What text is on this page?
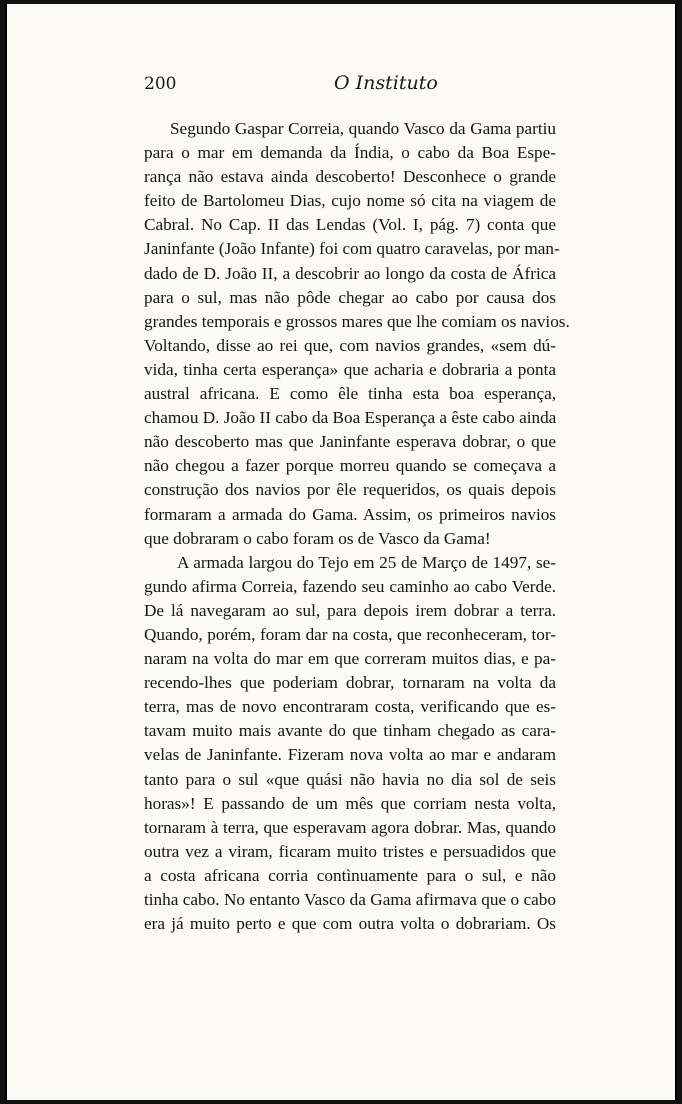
200	O Instituto
Segundo Gaspar Correia, quando Vasco da Gama partiu
para o mar em demanda da Índia, o cabo da Boa Espe-
rança não estava ainda descoberto! Desconhece o grande
feito de Bartolomeu Dias, cujo nome só cita na viagem de
Cabral. No Cap. II das Lendas (Vol. I, pág. 7) conta que
Janinfante (João Infante) foi com quatro caravelas, por man-
dado de D. João II, a descobrir ao longo da costa de África
para o sul, mas não pôde chegar ao cabo por causa dos
grandes temporais e grossos mares que lhe comiam os navios.
Voltando, disse ao rei que, com navios grandes, «sem dú-
vida, tinha certa esperança» que acharia e dobraria a ponta
austral africana. E como êle tinha esta boa esperança,
chamou D. João II cabo da Boa Esperança a êste cabo ainda
não descoberto mas que Janinfante esperava dobrar, o que
não chegou a fazer porque morreu quando se começava a
construção dos navios por êle requeridos, os quais depois
formaram a armada do Gama. Assim, os primeiros navios
que dobraram o cabo foram os de Vasco da Gama!
A armada largou do Tejo em 25 de Março de 1497, se-
gundo afirma Correia, fazendo seu caminho ao cabo Verde.
De lá navegaram ao sul, para depois irem dobrar a terra.
Quando, porém, foram dar na costa, que reconheceram, tor-
naram na volta do mar em que correram muitos dias, e pa-
recendo-lhes que poderiam dobrar, tornaram na volta da
terra, mas de novo encontraram costa, verificando que es-
tavam muito mais avante do que tinham chegado as cara-
velas de Janinfante. Fizeram nova volta ao mar e andaram
tanto para o sul «que quási não havia no dia sol de seis
horas»! E passando de um mês que corriam nesta volta,
tornaram à terra, que esperavam agora dobrar. Mas, quando
outra vez a viram, ficaram muito tristes e persuadidos que
a costa africana corria contìnuamente para o sul, e não
tinha cabo. No entanto Vasco da Gama afirmava que o cabo
era já muito perto e que com outra volta o dobrariam. Os
